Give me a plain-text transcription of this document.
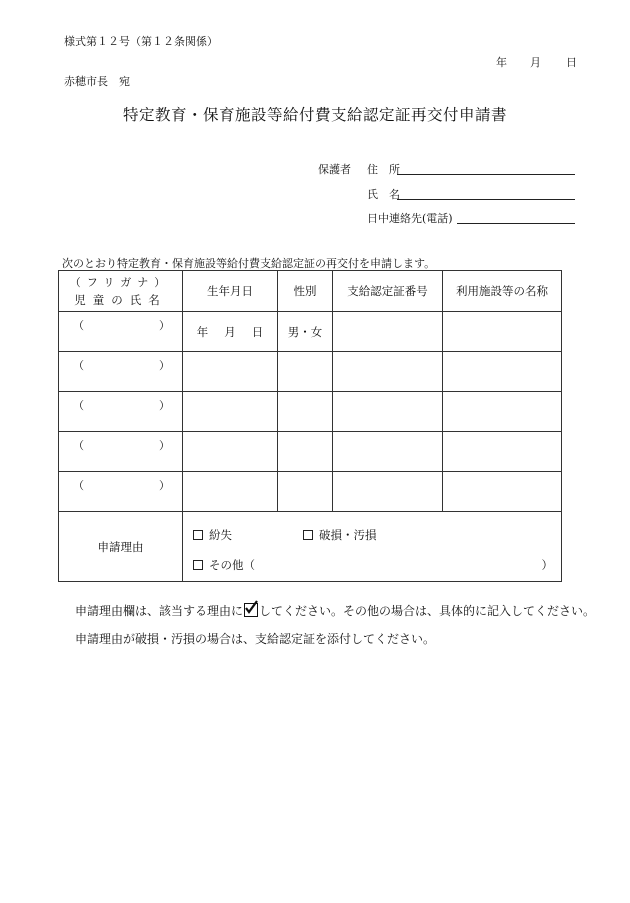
様式第１２号（第１２条関係）
年 月 日
赤穂市長　宛
特定教育・保育施設等給付費支給認定証再交付申請書
保護者 住　所
氏　名
日中連絡先(電話)
次のとおり特定教育・保育施設等給付費支給認定証の再交付を申請します。
（フリガナ）
児童の氏名	生年月日	性別	支給認定証番号	利用施設等の名称

（ ）	年 月 日	男・女		

（ ）				

（ ）				

（ ）				

（ ）				

申請理由	紛失 破損・汚損
その他（ ）			
申請理由欄は、該当する理由に してください。その他の場合は、具体的に記入してください。
申請理由が破損・汚損の場合は、支給認定証を添付してください。
